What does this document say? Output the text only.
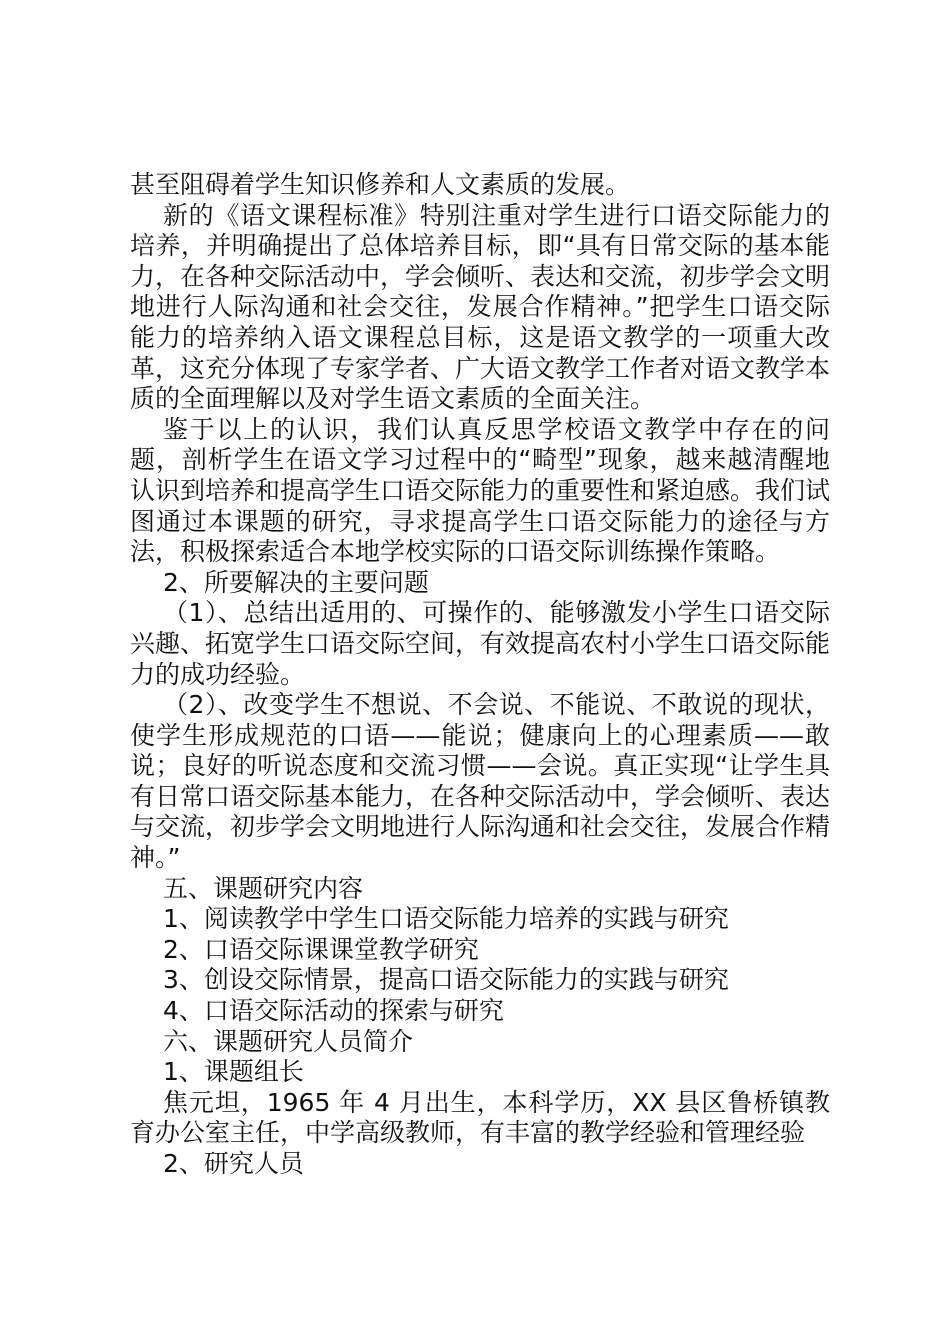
甚至阻碍着学生知识修养和人文素质的发展。

新的《语文课程标准》特别注重对学生进行口语交际能力的培养，并明确提出了总体培养目标，即“具有日常交际的基本能力，在各种交际活动中，学会倾听、表达和交流，初步学会文明地进行人际沟通和社会交往，发展合作精神。”把学生口语交际能力的培养纳入语文课程总目标，这是语文教学的一项重大改革，这充分体现了专家学者、广大语文教学工作者对语文教学本质的全面理解以及对学生语文素质的全面关注。

鉴于以上的认识，我们认真反思学校语文教学中存在的问题，剖析学生在语文学习过程中的“畸型”现象，越来越清醒地认识到培养和提高学生口语交际能力的重要性和紧迫感。我们试图通过本课题的研究，寻求提高学生口语交际能力的途径与方法，积极探索适合本地学校实际的口语交际训练操作策略。

2、所要解决的主要问题

（1）、总结出适用的、可操作的、能够激发小学生口语交际兴趣、拓宽学生口语交际空间，有效提高农村小学生口语交际能力的成功经验。

（2）、改变学生不想说、不会说、不能说、不敢说的现状，使学生形成规范的口语——能说；健康向上的心理素质——敢说；良好的听说态度和交流习惯——会说。真正实现“让学生具有日常口语交际基本能力，在各种交际活动中，学会倾听、表达与交流，初步学会文明地进行人际沟通和社会交往，发展合作精神。”

五、课题研究内容

1、阅读教学中学生口语交际能力培养的实践与研究

2、口语交际课课堂教学研究

3、创设交际情景，提高口语交际能力的实践与研究

4、口语交际活动的探索与研究

六、课题研究人员简介

1、课题组长

焦元坦，1965 年 4 月出生，本科学历，XX 县区鲁桥镇教育办公室主任，中学高级教师，有丰富的教学经验和管理经验

2、研究人员
